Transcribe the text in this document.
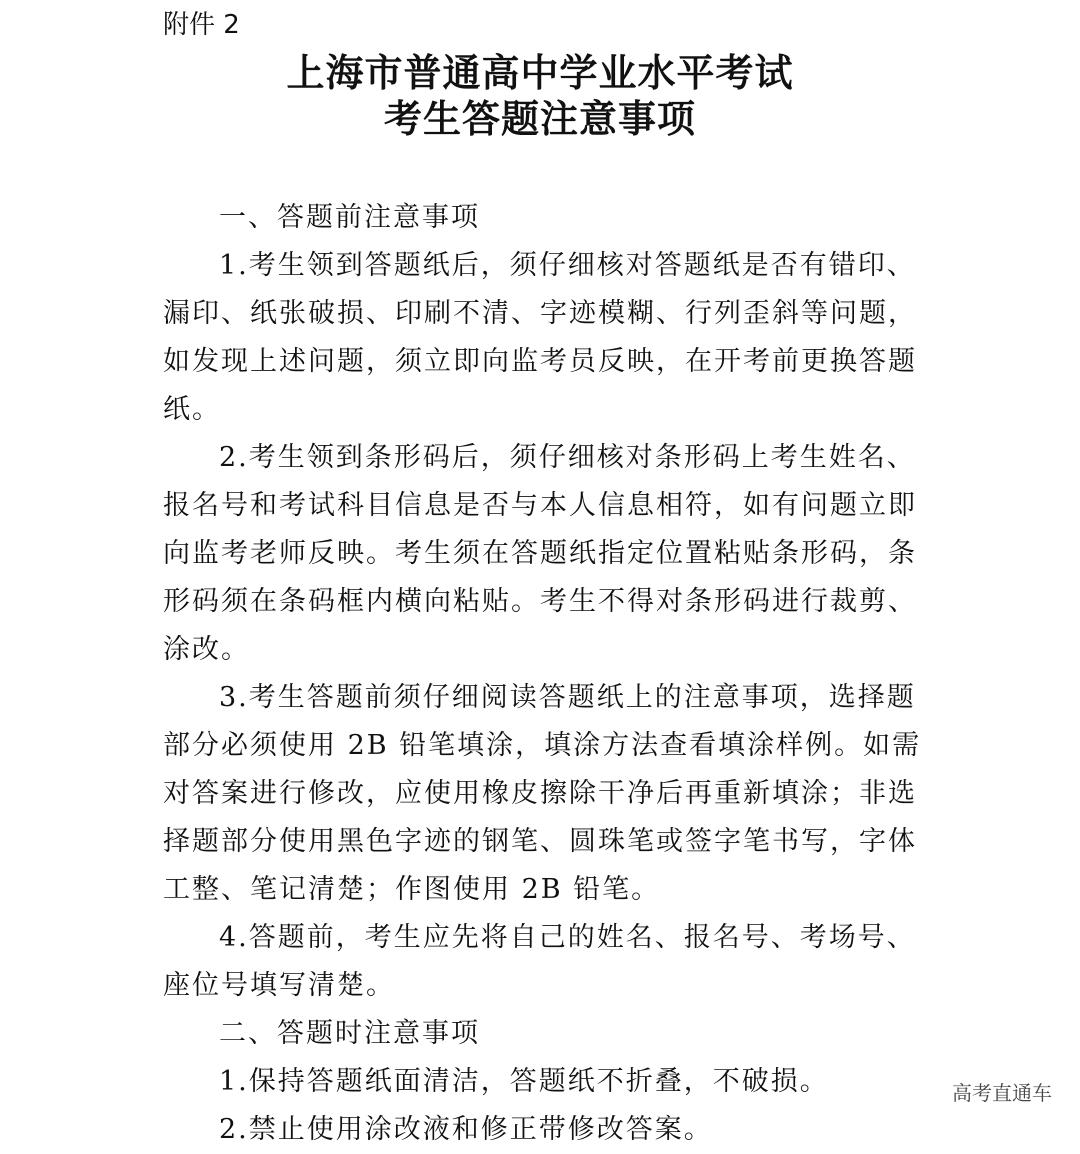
附件 2
上海市普通高中学业水平考试
考生答题注意事项
一、答题前注意事项
1.考生领到答题纸后，须仔细核对答题纸是否有错印、
漏印、纸张破损、印刷不清、字迹模糊、行列歪斜等问题，
如发现上述问题，须立即向监考员反映，在开考前更换答题
纸。
2.考生领到条形码后，须仔细核对条形码上考生姓名、
报名号和考试科目信息是否与本人信息相符，如有问题立即
向监考老师反映。考生须在答题纸指定位置粘贴条形码，条
形码须在条码框内横向粘贴。考生不得对条形码进行裁剪、
涂改。
3.考生答题前须仔细阅读答题纸上的注意事项，选择题
部分必须使用 2B 铅笔填涂，填涂方法查看填涂样例。如需
对答案进行修改，应使用橡皮擦除干净后再重新填涂；非选
择题部分使用黑色字迹的钢笔、圆珠笔或签字笔书写，字体
工整、笔记清楚；作图使用 2B 铅笔。
4.答题前，考生应先将自己的姓名、报名号、考场号、
座位号填写清楚。
二、答题时注意事项
1.保持答题纸面清洁，答题纸不折叠，不破损。
2.禁止使用涂改液和修正带修改答案。
高考直通车
